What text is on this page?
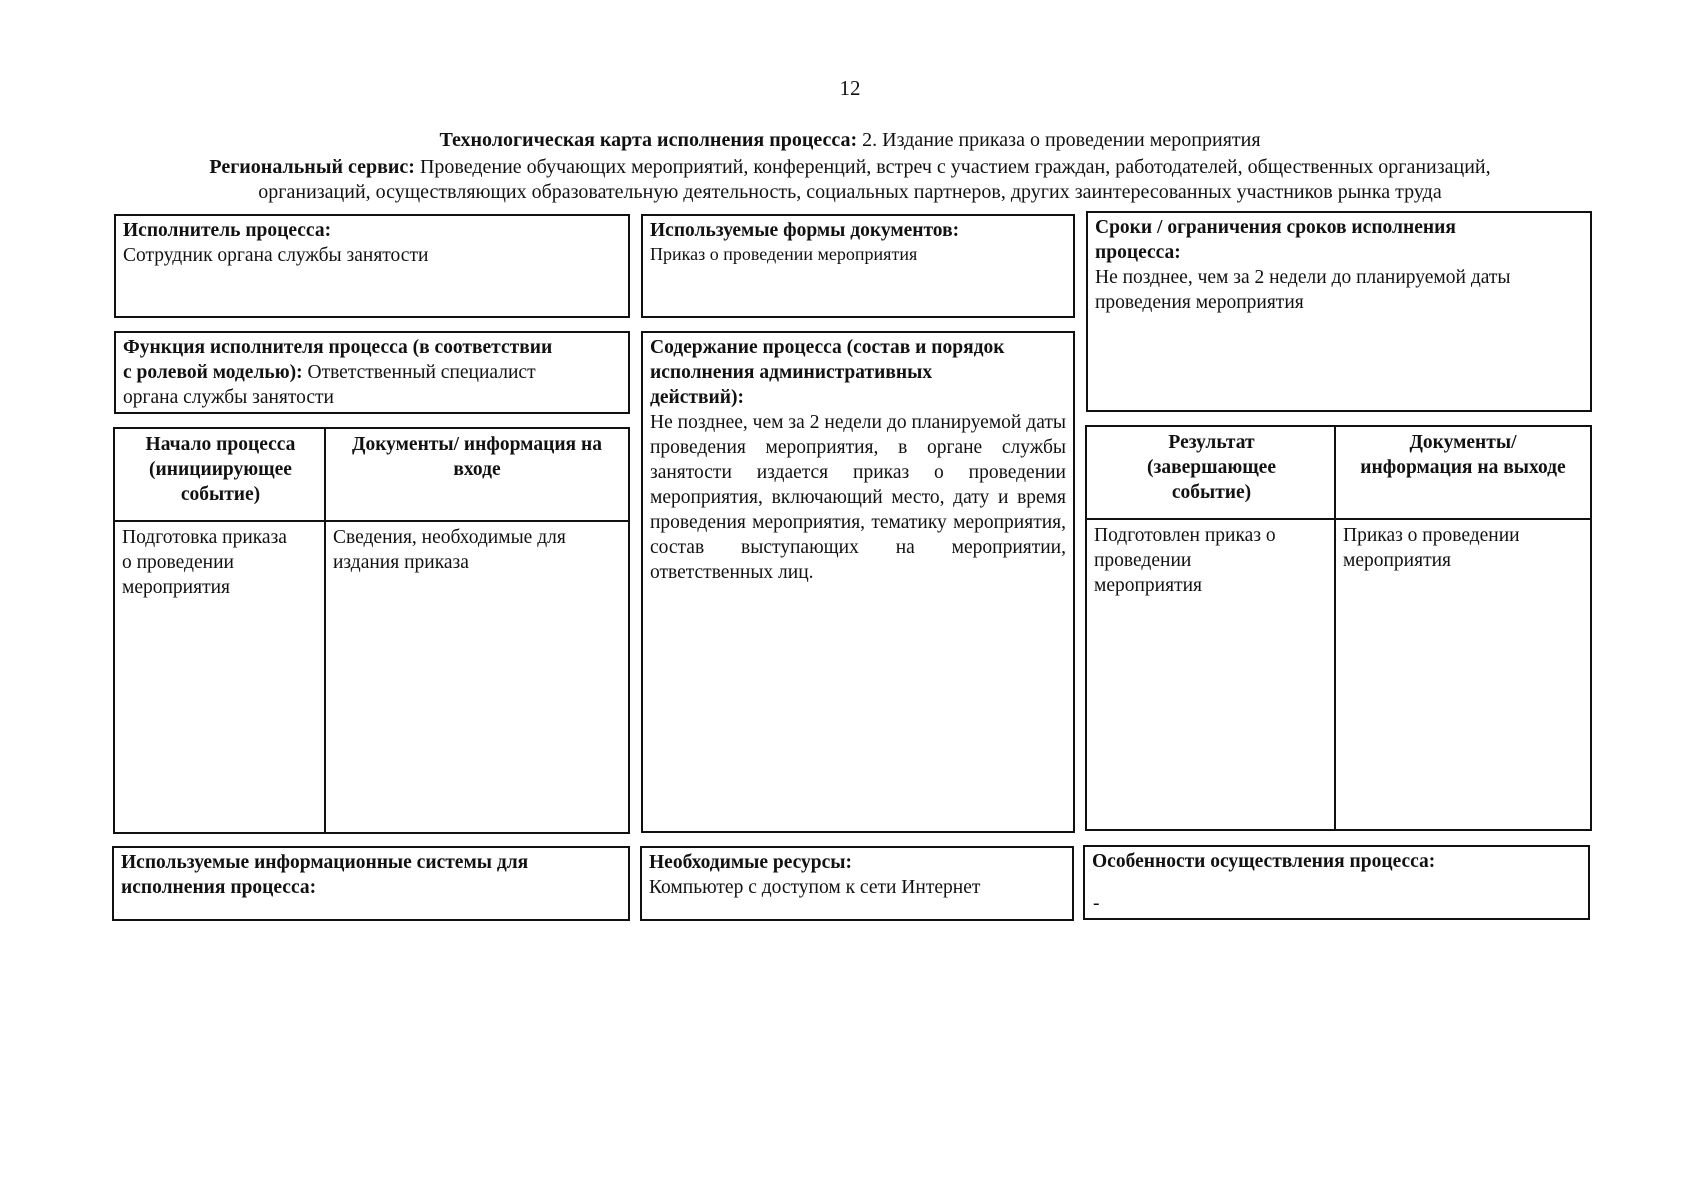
12
Технологическая карта исполнения процесса: 2. Издание приказа о проведении мероприятия
Региональный сервис: Проведение обучающих мероприятий, конференций, встреч с участием граждан, работодателей, общественных организаций,
организаций, осуществляющих образовательную деятельность, социальных партнеров, других заинтересованных участников рынка труда
Исполнитель процесса:
Сотрудник органа службы занятости
Используемые формы документов:
Приказ о проведении мероприятия
Сроки / ограничения сроков исполнения
процесса:
Не позднее, чем за 2 недели до планируемой даты
проведения мероприятия
Функция исполнителя процесса (в соответствии
с ролевой моделью): Ответственный специалист
органа службы занятости
Содержание процесса (состав и порядок
исполнения административных
действий):
Не позднее, чем за 2 недели до планируемой даты проведения мероприятия, в органе службы занятости издается приказ о проведении мероприятия, включающий место, дату и время проведения мероприятия, тематику мероприятия, состав выступающих на мероприятии, ответственных лиц.
Начало процесса
(инициирующее
событие)
Документы/ информация на
входе
Подготовка приказа
о проведении
мероприятия
Сведения, необходимые для
издания приказа
Результат
(завершающее
событие)
Документы/
информация на выходе
Подготовлен приказ о
проведении
мероприятия
Приказ о проведении
мероприятия
Используемые информационные системы для
исполнения процесса:
Необходимые ресурсы:
Компьютер с доступом к сети Интернет
Особенности осуществления процесса:
-
